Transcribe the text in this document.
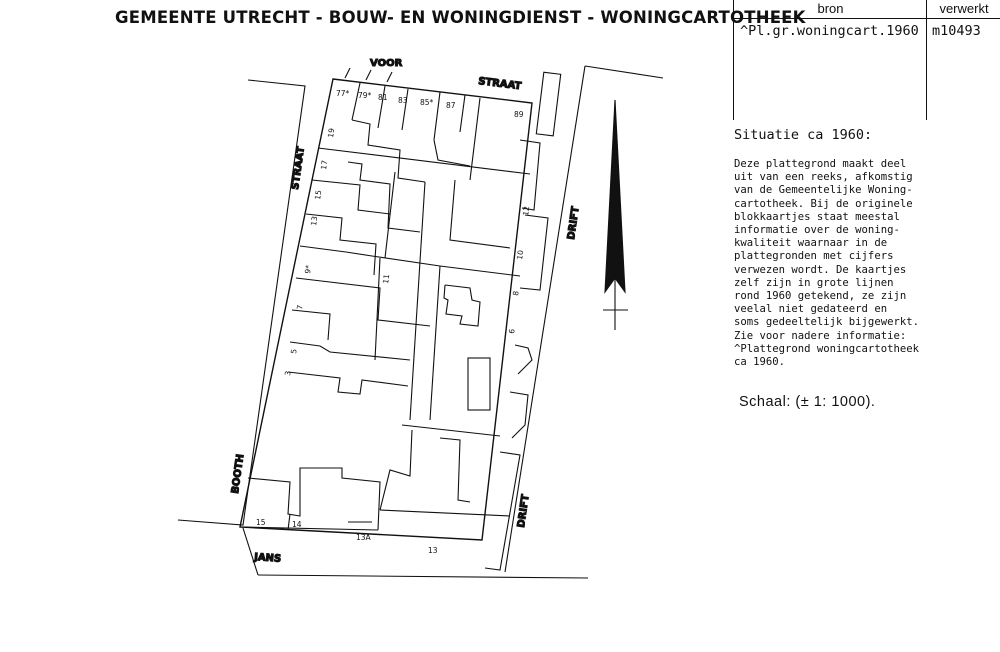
GEMEENTE UTRECHT - BOUW- EN WONINGDIENST - WONINGCARTOTHEEK bron
^Pl.gr.woningcart.1960
verwerkt
m10493
Situatie ca 1960:
Deze plattegrond maakt deel
uit van een reeks, afkomstig
van de Gemeentelijke Woning-
cartotheek. Bij de originele
blokkaartjes staat meestal
informatie over de woning-
kwaliteit waarnaar in de
plattegronden met cijfers
verwezen wordt. De kaartjes
zelf zijn in grote lijnen
rond 1960 getekend, ze zijn
veelal niet gedateerd en
soms gedeeltelijk bijgewerkt.
Zie voor nadere informatie:
^Plattegrond woningcartotheek
ca 1960.
Schaal: (± 1: 1000).
VOOR
STRAAT
STRAAT
DRIFT
DRIFT
BOOTH
JANS
77* 79* 81 83 85* 87
89
19
17
15
13
9*
7
5
3
11
12
10
8
6
15	14
13A
13
